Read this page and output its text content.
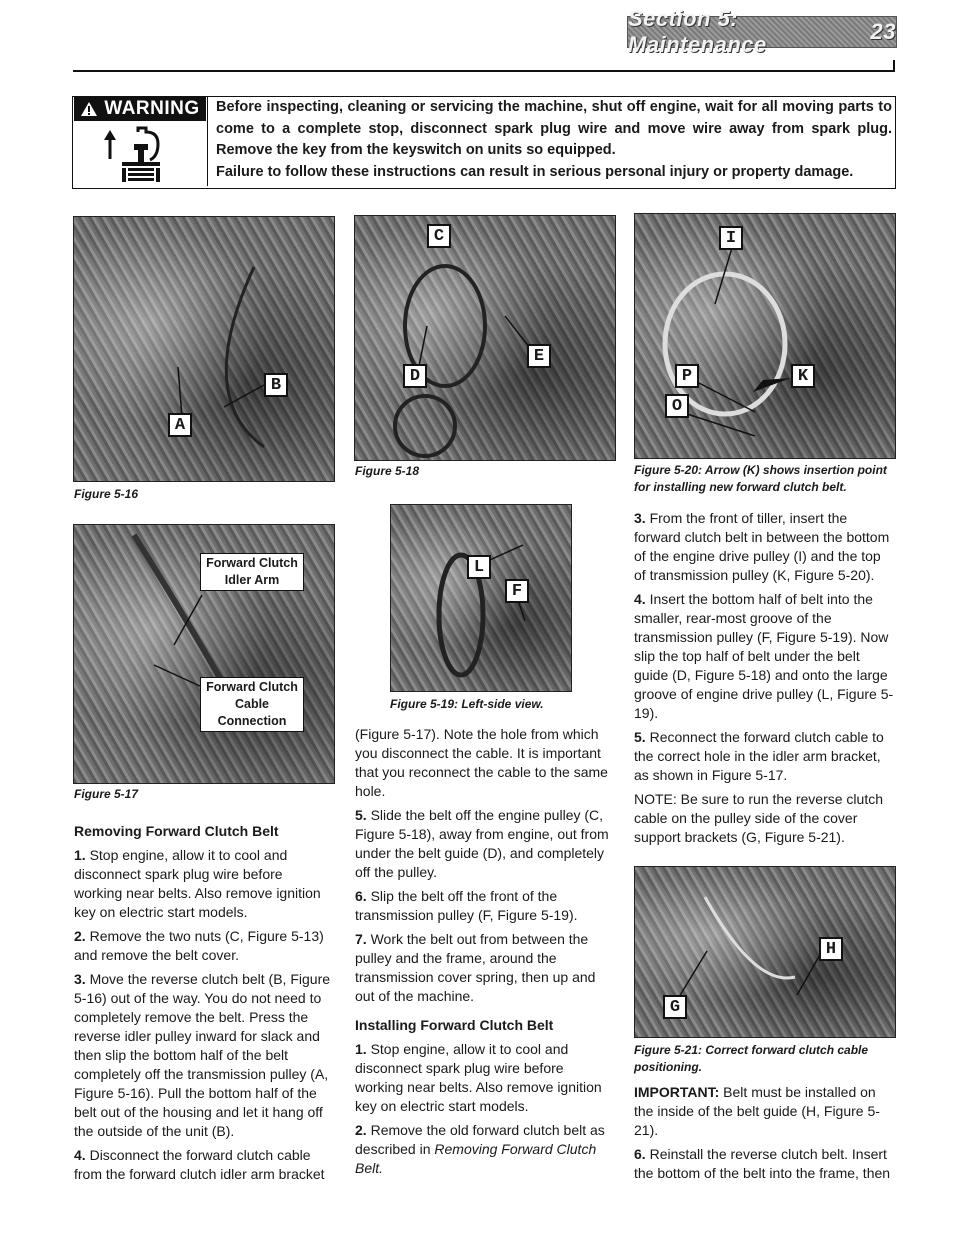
Section 5: Maintenance
23
WARNING Before inspecting, cleaning or servicing the machine, shut off engine, wait for all moving parts to come to a complete stop, disconnect spark plug wire and move wire away from spark plug. Remove the key from the keyswitch on units so equipped.

Failure to follow these instructions can result in serious personal injury or property damage.

B
A
Figure 5-16
Forward Clutch Idler Arm
Forward Clutch Cable Connection
Figure 5-17
C
D
E
Figure 5-18
L
F
Figure 5-19: Left-side view.
I
P	K
O
Figure 5-20: Arrow (K) shows insertion point for installing new forward clutch belt.
H
G
Figure 5-21: Correct forward clutch cable positioning.

Removing Forward Clutch Belt

1. Stop engine, allow it to cool and disconnect spark plug wire before working near belts. Also remove ignition key on electric start models.

2. Remove the two nuts (C, Figure 5-13) and remove the belt cover.

3. Move the reverse clutch belt (B, Figure 5-16) out of the way. You do not need to completely remove the belt. Press the reverse idler pulley inward for slack and then slip the bottom half of the belt completely off the transmission pulley (A, Figure 5-16). Pull the bottom half of the belt out of the housing and let it hang off the outside of the unit (B).

4. Disconnect the forward clutch cable from the forward clutch idler arm bracket

(Figure 5-17). Note the hole from which you disconnect the cable. It is important that you reconnect the cable to the same hole.

5. Slide the belt off the engine pulley (C, Figure 5-18), away from engine, out from under the belt guide (D), and completely off the pulley.

6. Slip the belt off the front of the transmission pulley (F, Figure 5-19).

7. Work the belt out from between the pulley and the frame, around the transmission cover spring, then up and out of the machine.

Installing Forward Clutch Belt

1. Stop engine, allow it to cool and disconnect spark plug wire before working near belts. Also remove ignition key on electric start models.

2. Remove the old forward clutch belt as described in Removing Forward Clutch Belt.

3. From the front of tiller, insert the forward clutch belt in between the bottom of the engine drive pulley (I) and the top of transmission pulley (K, Figure 5-20).

4. Insert the bottom half of belt into the smaller, rear-most groove of the transmission pulley (F, Figure 5-19). Now slip the top half of belt under the belt guide (D, Figure 5-18) and onto the large groove of engine drive pulley (L, Figure 5-19).

5. Reconnect the forward clutch cable to the correct hole in the idler arm bracket, as shown in Figure 5-17.

NOTE: Be sure to run the reverse clutch cable on the pulley side of the cover support brackets (G, Figure 5-21).

IMPORTANT: Belt must be installed on the inside of the belt guide (H, Figure 5-21).

6. Reinstall the reverse clutch belt. Insert the bottom of the belt into the frame, then
